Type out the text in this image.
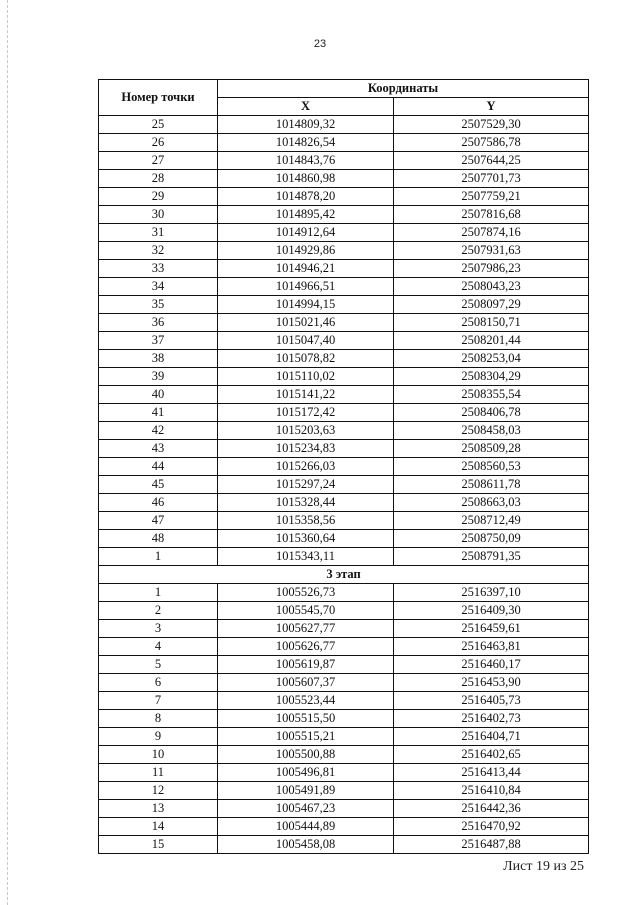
23
Номер точки	Координаты	
	X	Y
25	1014809,32	2507529,30
26	1014826,54	2507586,78
27	1014843,76	2507644,25
28	1014860,98	2507701,73
29	1014878,20	2507759,21
30	1014895,42	2507816,68
31	1014912,64	2507874,16
32	1014929,86	2507931,63
33	1014946,21	2507986,23
34	1014966,51	2508043,23
35	1014994,15	2508097,29
36	1015021,46	2508150,71
37	1015047,40	2508201,44
38	1015078,82	2508253,04
39	1015110,02	2508304,29
40	1015141,22	2508355,54
41	1015172,42	2508406,78
42	1015203,63	2508458,03
43	1015234,83	2508509,28
44	1015266,03	2508560,53
45	1015297,24	2508611,78
46	1015328,44	2508663,03
47	1015358,56	2508712,49
48	1015360,64	2508750,09
1	1015343,11	2508791,35
3 этап		
1	1005526,73	2516397,10
2	1005545,70	2516409,30
3	1005627,77	2516459,61
4	1005626,77	2516463,81
5	1005619,87	2516460,17
6	1005607,37	2516453,90
7	1005523,44	2516405,73
8	1005515,50	2516402,73
9	1005515,21	2516404,71
10	1005500,88	2516402,65
11	1005496,81	2516413,44
12	1005491,89	2516410,84
13	1005467,23	2516442,36
14	1005444,89	2516470,92
15	1005458,08	2516487,88
Лист 19 из 25
